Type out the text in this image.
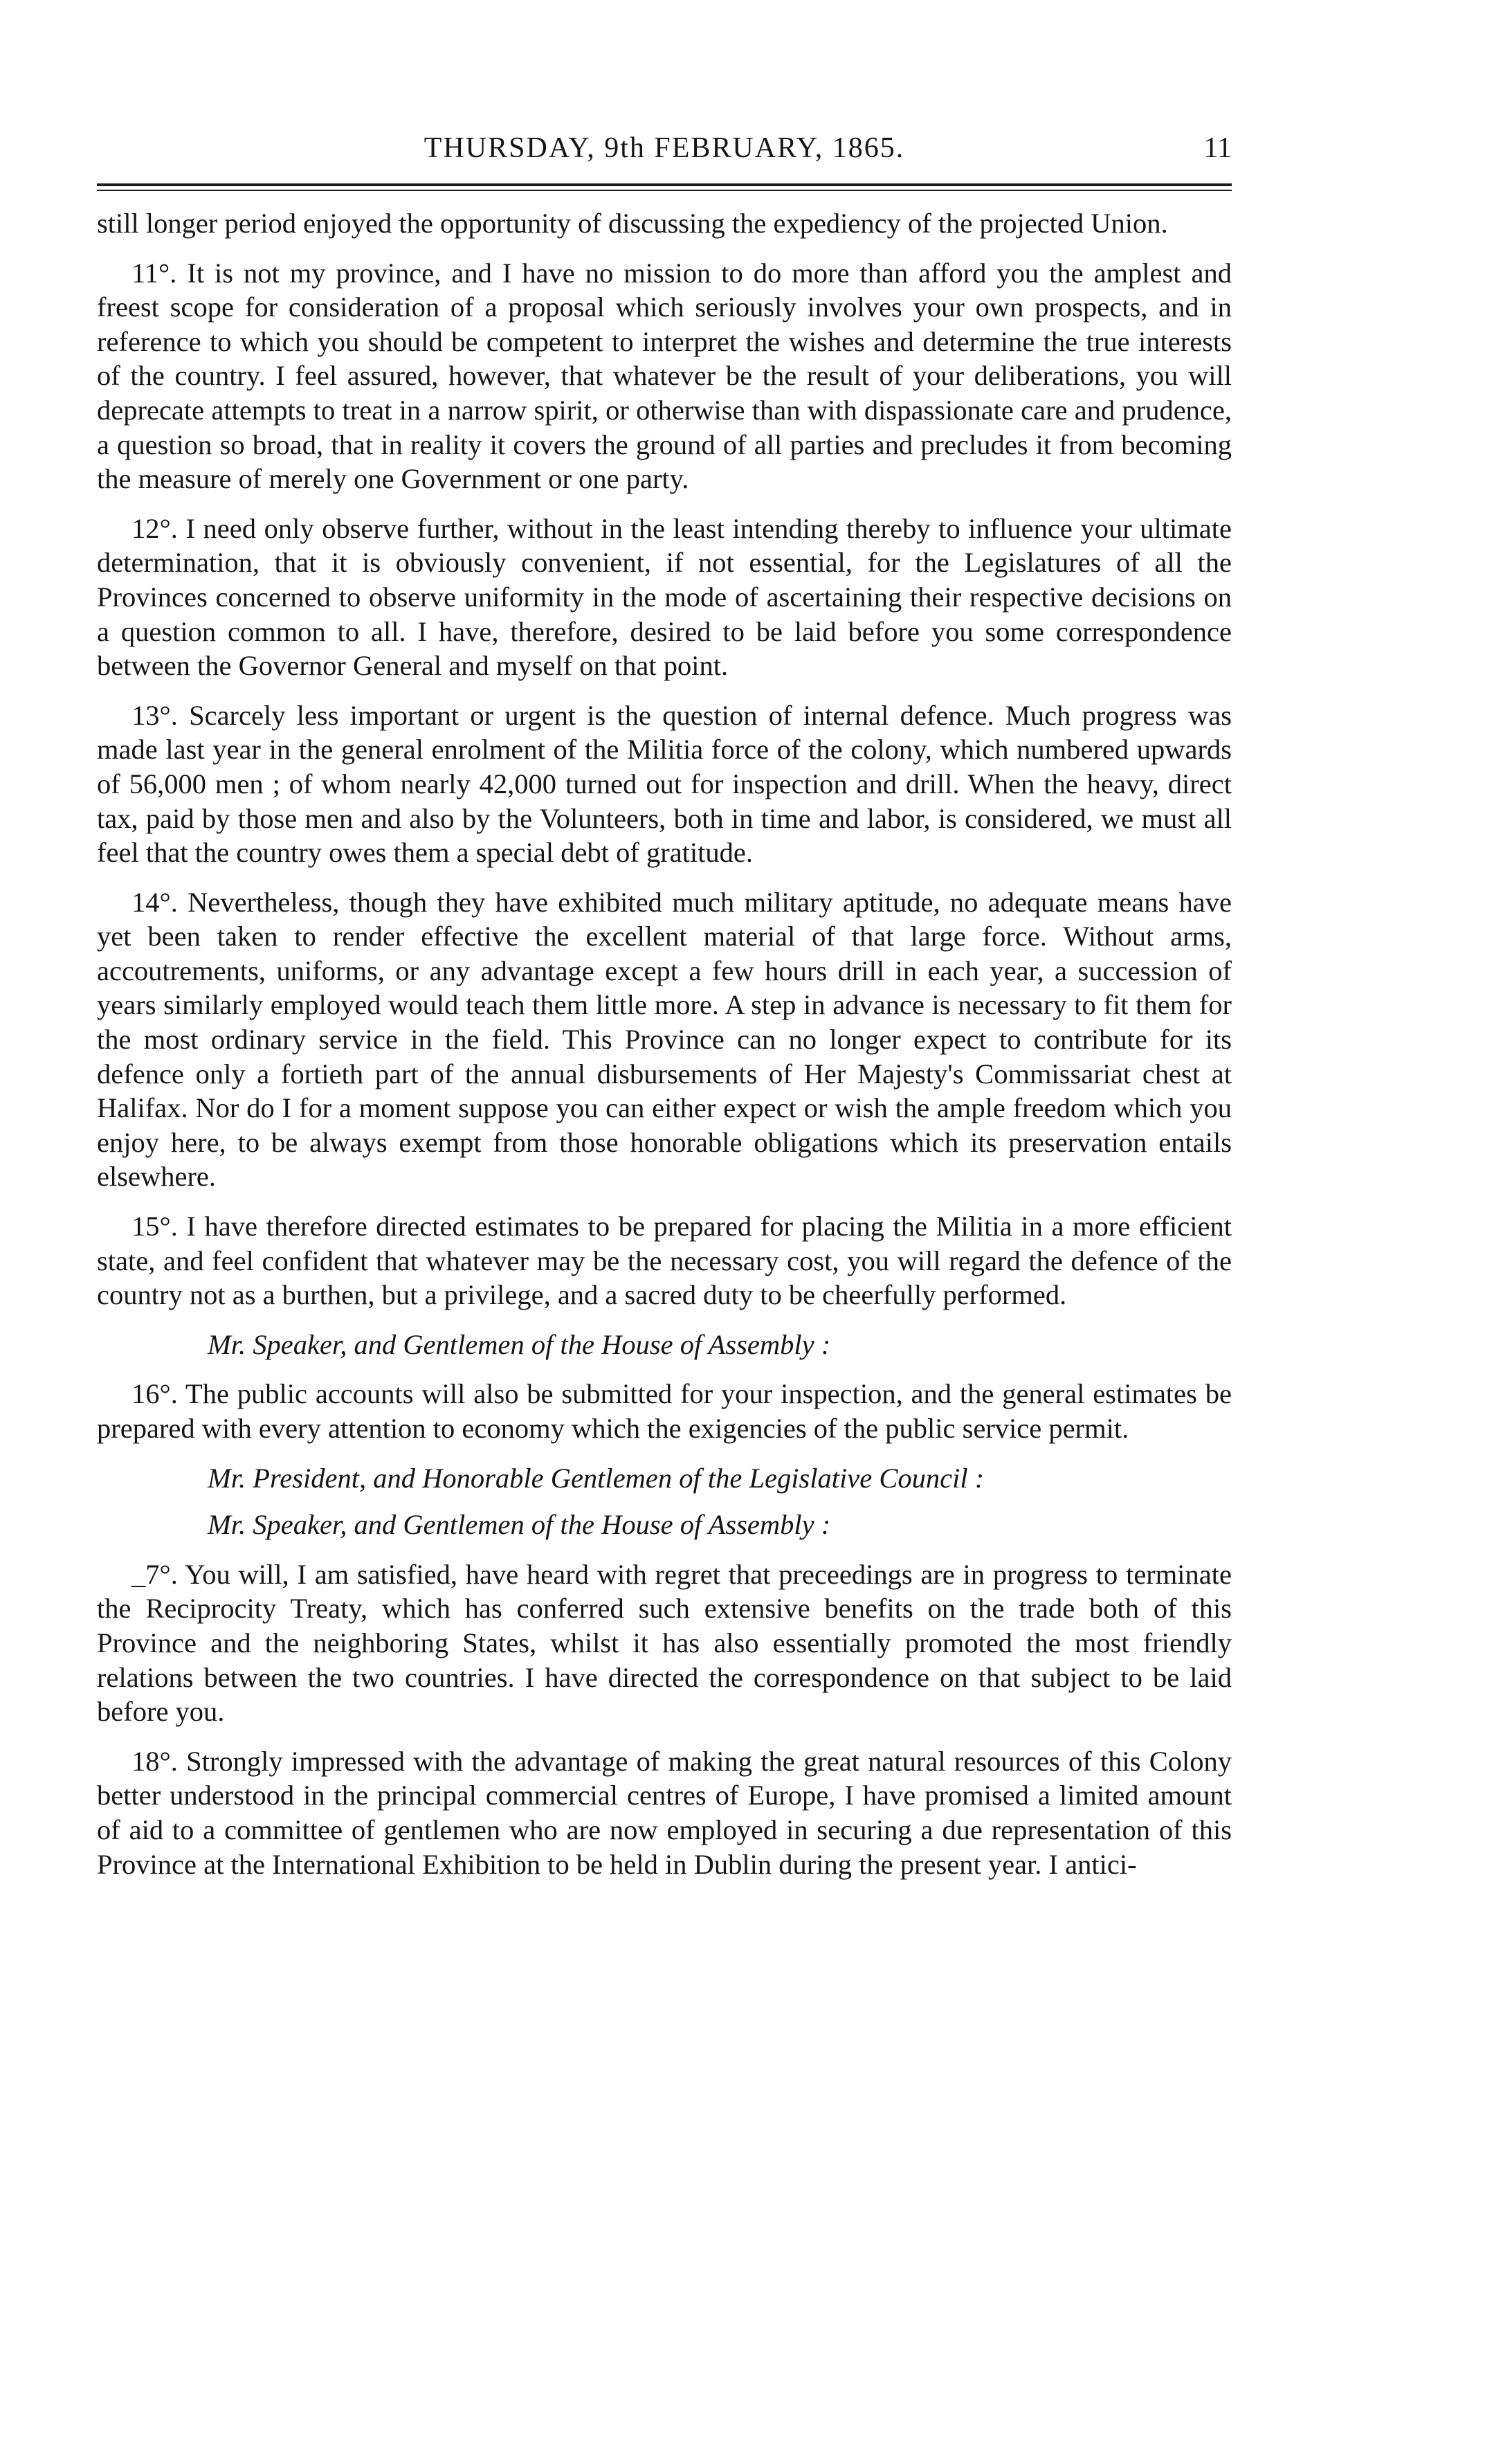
THURSDAY, 9th FEBRUARY, 1865.	11

still longer period enjoyed the opportunity of discussing the expediency of the projected Union.

11°. It is not my province, and I have no mission to do more than afford you the amplest and freest scope for consideration of a proposal which seriously involves your own prospects, and in reference to which you should be competent to interpret the wishes and determine the true interests of the country. I feel assured, however, that whatever be the result of your deliberations, you will deprecate attempts to treat in a narrow spirit, or otherwise than with dispassionate care and prudence, a question so broad, that in reality it covers the ground of all parties and precludes it from becoming the measure of merely one Government or one party.

12°. I need only observe further, without in the least intending thereby to influence your ultimate determination, that it is obviously convenient, if not essential, for the Legislatures of all the Provinces concerned to observe uniformity in the mode of ascertaining their respective decisions on a question common to all. I have, therefore, desired to be laid before you some correspondence between the Governor General and myself on that point.

13°. Scarcely less important or urgent is the question of internal defence. Much progress was made last year in the general enrolment of the Militia force of the colony, which numbered upwards of 56,000 men ; of whom nearly 42,000 turned out for inspection and drill. When the heavy, direct tax, paid by those men and also by the Volunteers, both in time and labor, is considered, we must all feel that the country owes them a special debt of gratitude.

14°. Nevertheless, though they have exhibited much military aptitude, no adequate means have yet been taken to render effective the excellent material of that large force. Without arms, accoutrements, uniforms, or any advantage except a few hours drill in each year, a succession of years similarly employed would teach them little more. A step in advance is necessary to fit them for the most ordinary service in the field. This Province can no longer expect to contribute for its defence only a fortieth part of the annual disbursements of Her Majesty's Commissariat chest at Halifax. Nor do I for a moment suppose you can either expect or wish the ample freedom which you enjoy here, to be always exempt from those honorable obligations which its preservation entails elsewhere.

15°. I have therefore directed estimates to be prepared for placing the Militia in a more efficient state, and feel confident that whatever may be the necessary cost, you will regard the defence of the country not as a burthen, but a privilege, and a sacred duty to be cheerfully performed.

Mr. Speaker, and Gentlemen of the House of Assembly :

16°. The public accounts will also be submitted for your inspection, and the general estimates be prepared with every attention to economy which the exigencies of the public service permit.

Mr. President, and Honorable Gentlemen of the Legislative Council :

Mr. Speaker, and Gentlemen of the House of Assembly :

_7°. You will, I am satisfied, have heard with regret that preceedings are in progress to terminate the Reciprocity Treaty, which has conferred such extensive benefits on the trade both of this Province and the neighboring States, whilst it has also essentially promoted the most friendly relations between the two countries. I have directed the correspondence on that subject to be laid before you.

18°. Strongly impressed with the advantage of making the great natural resources of this Colony better understood in the principal commercial centres of Europe, I have promised a limited amount of aid to a committee of gentlemen who are now employed in securing a due representation of this Province at the International Exhibition to be held in Dublin during the present year. I antici-
